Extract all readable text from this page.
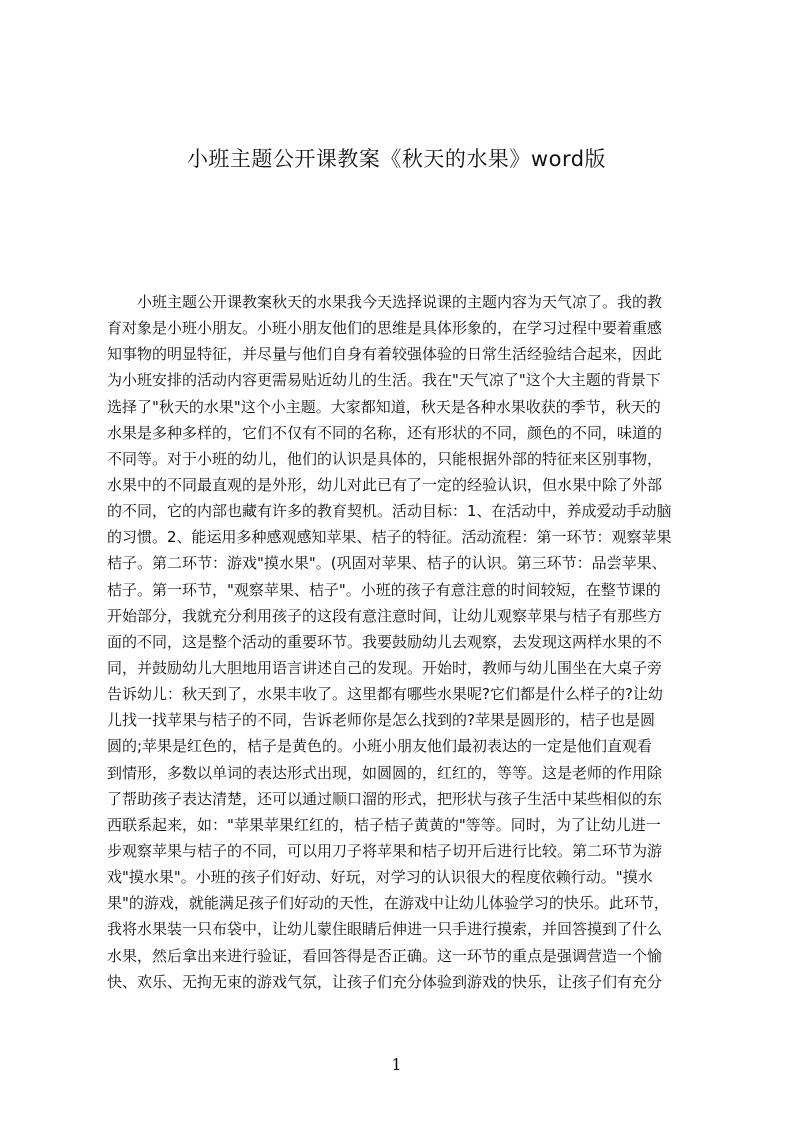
小班主题公开课教案《秋天的水果》word版
　　小班主题公开课教案秋天的水果我今天选择说课的主题内容为天气凉了。我的教
育对象是小班小朋友。小班小朋友他们的思维是具体形象的，在学习过程中要着重感
知事物的明显特征，并尽量与他们自身有着较强体验的日常生活经验结合起来，因此
为小班安排的活动内容更需易贴近幼儿的生活。我在"天气凉了"这个大主题的背景下
选择了"秋天的水果"这个小主题。大家都知道，秋天是各种水果收获的季节，秋天的
水果是多种多样的，它们不仅有不同的名称，还有形状的不同，颜色的不同，味道的
不同等。对于小班的幼儿，他们的认识是具体的，只能根据外部的特征来区别事物，
水果中的不同最直观的是外形，幼儿对此已有了一定的经验认识，但水果中除了外部
的不同，它的内部也藏有许多的教育契机。活动目标：1、在活动中，养成爱动手动脑
的习惯。2、能运用多种感观感知苹果、桔子的特征。活动流程：第一环节：观察苹果
桔子。第二环节：游戏"摸水果"。(巩固对苹果、桔子的认识。第三环节：品尝苹果、
桔子。第一环节，"观察苹果、桔子"。小班的孩子有意注意的时间较短，在整节课的
开始部分，我就充分利用孩子的这段有意注意时间，让幼儿观察苹果与桔子有那些方
面的不同，这是整个活动的重要环节。我要鼓励幼儿去观察，去发现这两样水果的不
同，并鼓励幼儿大胆地用语言讲述自己的发现。开始时，教师与幼儿围坐在大桌子旁
告诉幼儿：秋天到了，水果丰收了。这里都有哪些水果呢?它们都是什么样子的?让幼
儿找一找苹果与桔子的不同，告诉老师你是怎么找到的?苹果是圆形的，桔子也是圆
圆的;苹果是红色的，桔子是黄色的。小班小朋友他们最初表达的一定是他们直观看
到情形，多数以单词的表达形式出现，如圆圆的，红红的，等等。这是老师的作用除
了帮助孩子表达清楚，还可以通过顺口溜的形式，把形状与孩子生活中某些相似的东
西联系起来，如："苹果苹果红红的，桔子桔子黄黄的"等等。同时，为了让幼儿进一
步观察苹果与桔子的不同，可以用刀子将苹果和桔子切开后进行比较。第二环节为游
戏"摸水果"。小班的孩子们好动、好玩，对学习的认识很大的程度依赖行动。"摸水
果"的游戏，就能满足孩子们好动的天性，在游戏中让幼儿体验学习的快乐。此环节，
我将水果装一只布袋中，让幼儿蒙住眼睛后伸进一只手进行摸索，并回答摸到了什么
水果，然后拿出来进行验证，看回答得是否正确。这一环节的重点是强调营造一个愉
快、欢乐、无拘无束的游戏气氛，让孩子们充分体验到游戏的快乐，让孩子们有充分
1
